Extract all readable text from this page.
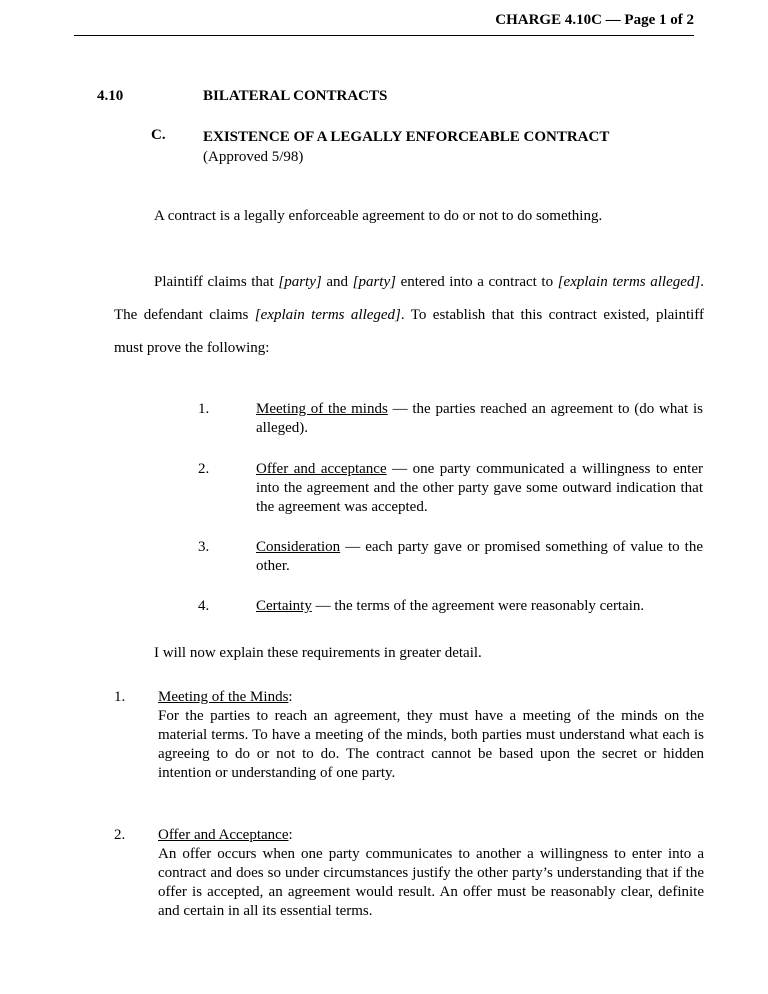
CHARGE 4.10C — Page 1 of 2
4.10	BILATERAL CONTRACTS
C. EXISTENCE OF A LEGALLY ENFORCEABLE CONTRACT (Approved 5/98)

A contract is a legally enforceable agreement to do or not to do something.

Plaintiff claims that [party] and [party] entered into a contract to [explain terms alleged]. The defendant claims [explain terms alleged]. To establish that this contract existed, plaintiff must prove the following:

1.	Meeting of the minds — the parties reached an agreement to (do what is alleged).
2.	Offer and acceptance — one party communicated a willingness to enter into the agreement and the other party gave some outward indication that the agreement was accepted.
3.	Consideration — each party gave or promised something of value to the other.
4.	Certainty — the terms of the agreement were reasonably certain.

I will now explain these requirements in greater detail.

1. Meeting of the Minds:
For the parties to reach an agreement, they must have a meeting of the minds on the material terms. To have a meeting of the minds, both parties must understand what each is agreeing to do or not to do. The contract cannot be based upon the secret or hidden intention or understanding of one party.
2. Offer and Acceptance:
An offer occurs when one party communicates to another a willingness to enter into a contract and does so under circumstances justify the other party’s understanding that if the offer is accepted, an agreement would result. An offer must be reasonably clear, definite and certain in all its essential terms.
